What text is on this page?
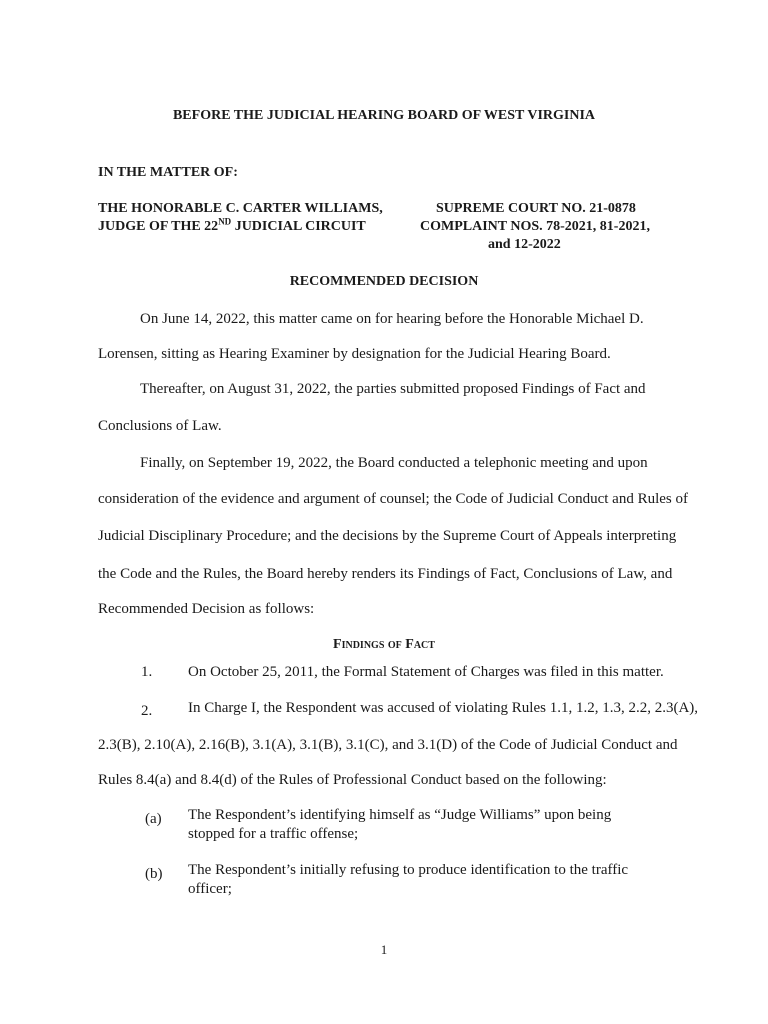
BEFORE THE JUDICIAL HEARING BOARD OF WEST VIRGINIA
IN THE MATTER OF:
THE HONORABLE C. CARTER WILLIAMS,
JUDGE OF THE 22ND JUDICIAL CIRCUIT
SUPREME COURT NO. 21-0878
COMPLAINT NOS. 78-2021, 81-2021,
and 12-2022
RECOMMENDED DECISION
On June 14, 2022, this matter came on for hearing before the Honorable Michael D.
Lorensen, sitting as Hearing Examiner by designation for the Judicial Hearing Board.
Thereafter, on August 31, 2022, the parties submitted proposed Findings of Fact and
Conclusions of Law.
Finally, on September 19, 2022, the Board conducted a telephonic meeting and upon
consideration of the evidence and argument of counsel; the Code of Judicial Conduct and Rules of
Judicial Disciplinary Procedure; and the decisions by the Supreme Court of Appeals interpreting
the Code and the Rules, the Board hereby renders its Findings of Fact, Conclusions of Law, and
Recommended Decision as follows:
Findings of Fact
1. On October 25, 2011, the Formal Statement of Charges was filed in this matter.
2. In Charge I, the Respondent was accused of violating Rules 1.1, 1.2, 1.3, 2.2, 2.3(A),
2.3(B), 2.10(A), 2.16(B), 3.1(A), 3.1(B), 3.1(C), and 3.1(D) of the Code of Judicial Conduct and
Rules 8.4(a) and 8.4(d) of the Rules of Professional Conduct based on the following:
(a) The Respondent’s identifying himself as “Judge Williams” upon being
stopped for a traffic offense;
(b) The Respondent’s initially refusing to produce identification to the traffic
officer;
1
